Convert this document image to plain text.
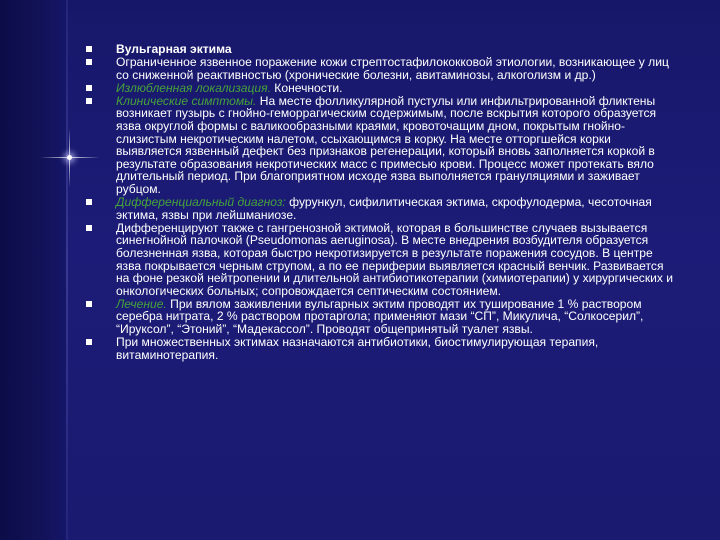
Вульгарная эктима
Ограниченное язвенное поражение кожи стрептостафилококковой этиологии, возникающее у лиц со сниженной реактивностью (хронические болезни, авитаминозы, алкоголизм и др.)
Излюбленная локализация. Конечности.
Клинические симптомы. На месте фолликулярной пустулы или инфильтрированной фликтены возникает пузырь с гнойно-геморрагическим содержимым, после вскрытия которого образуется язва округлой формы с валикообразными краями, кровоточащим дном, покрытым гнойно-слизистым некротическим налетом, ссыхающимся в корку. На месте отторгшейся корки выявляется язвенный дефект без признаков регенерации, который вновь заполняется коркой в результате образования некротических масс с примесью крови. Процесс может протекать вяло длительный период. При благоприятном исходе язва выполняется грануляциями и заживает рубцом.
Дифференциальный диагноз: фурункул, сифилитическая эктима, скрофулодерма, чесоточная эктима, язвы при лейшманиозе.
Дифференцируют также с гангренозной эктимой, которая в большинстве случаев вызывается синегнойной палочкой (Pseudomonas aeruginosa). В месте внедрения возбудителя образуется болезненная язва, которая быстро некротизируется в результате поражения сосудов. В центре язва покрывается черным струпом, а по ее периферии выявляется красный венчик. Развивается на фоне резкой нейтропении и длительной антибиотикотерапии (химиотерапии) у хирургических и онкологических больных; сопровождается септическим состоянием.
Лечение. При вялом заживлении вульгарных эктим проводят их тушировани﻿е 1 % раствором серебра нитрата, 2 % раствором протаргола; применяют мази “СП”, Микулича, “Солкосерил”, “Ируксол”, “Этоний”, “Мадекассол”. Проводят общепринятый туалет язвы.
При множественных эктимах назначаются антибиотики, биостимулирующая терапия, витаминотерапия.
